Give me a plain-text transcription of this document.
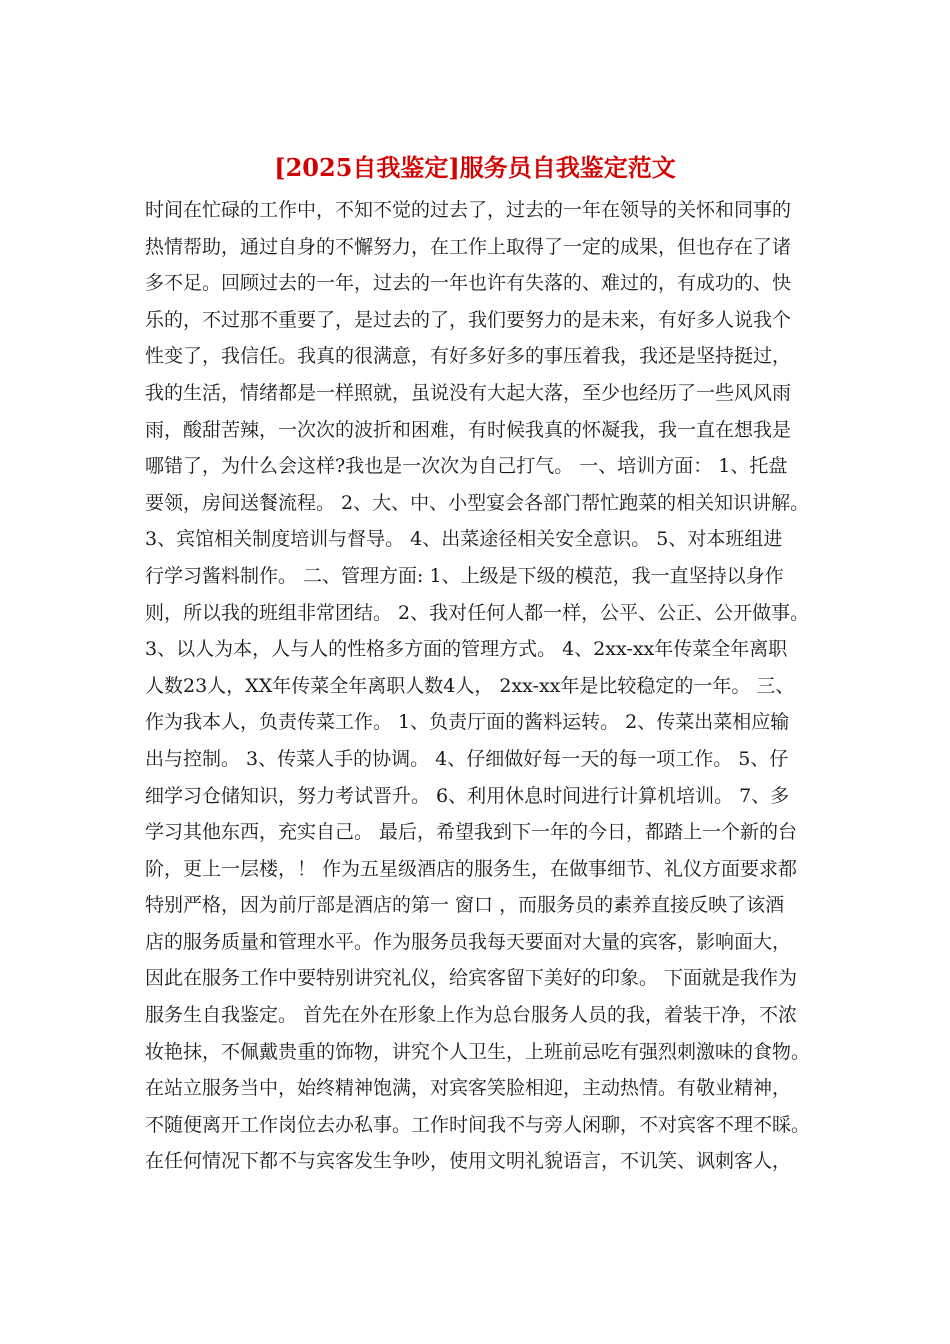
[2025自我鉴定]服务员自我鉴定范文
时间在忙碌的工作中，不知不觉的过去了，过去的一年在领导的关怀和同事的
热情帮助，通过自身的不懈努力，在工作上取得了一定的成果，但也存在了诸
多不足。回顾过去的一年，过去的一年也许有失落的、难过的，有成功的、快
乐的，不过那不重要了，是过去的了，我们要努力的是未来，有好多人说我个
性变了，我信任。我真的很满意，有好多好多的事压着我，我还是坚持挺过，
我的生活，情绪都是一样照就，虽说没有大起大落，至少也经历了一些风风雨
雨，酸甜苦辣，一次次的波折和困难，有时候我真的怀凝我，我一直在想我是
哪错了，为什么会这样?我也是一次次为自己打气。 一、培训方面： 1、托盘
要领，房间送餐流程。 2、大、中、小型宴会各部门帮忙跑菜的相关知识讲解。
3、宾馆相关制度培训与督导。 4、出菜途径相关安全意识。 5、对本班组进
行学习酱料制作。 二、管理方面: 1、上级是下级的模范，我一直坚持以身作
则，所以我的班组非常团结。 2、我对任何人都一样，公平、公正、公开做事。
3、以人为本，人与人的性格多方面的管理方式。 4、2xx-xx年传菜全年离职
人数23人，XX年传菜全年离职人数4人， 2xx-xx年是比较稳定的一年。 三、
作为我本人，负责传菜工作。 1、负责厅面的酱料运转。 2、传菜出菜相应输
出与控制。 3、传菜人手的协调。 4、仔细做好每一天的每一项工作。 5、仔
细学习仓储知识，努力考试晋升。 6、利用休息时间进行计算机培训。 7、多
学习其他东西，充实自己。 最后，希望我到下一年的今日，都踏上一个新的台
阶，更上一层楼，！ 作为五星级酒店的服务生，在做事细节、礼仪方面要求都
特别严格，因为前厅部是酒店的第一 窗口 ，而服务员的素养直接反映了该酒
店的服务质量和管理水平。作为服务员我每天要面对大量的宾客，影响面大，
因此在服务工作中要特别讲究礼仪，给宾客留下美好的印象。 下面就是我作为
服务生自我鉴定。 首先在外在形象上作为总台服务人员的我，着装干净，不浓
妆艳抹，不佩戴贵重的饰物，讲究个人卫生，上班前忌吃有强烈刺激味的食物。
在站立服务当中，始终精神饱满，对宾客笑脸相迎，主动热情。有敬业精神，
不随便离开工作岗位去办私事。工作时间我不与旁人闲聊，不对宾客不理不睬。
在任何情况下都不与宾客发生争吵，使用文明礼貌语言，不讥笑、讽刺客人，
